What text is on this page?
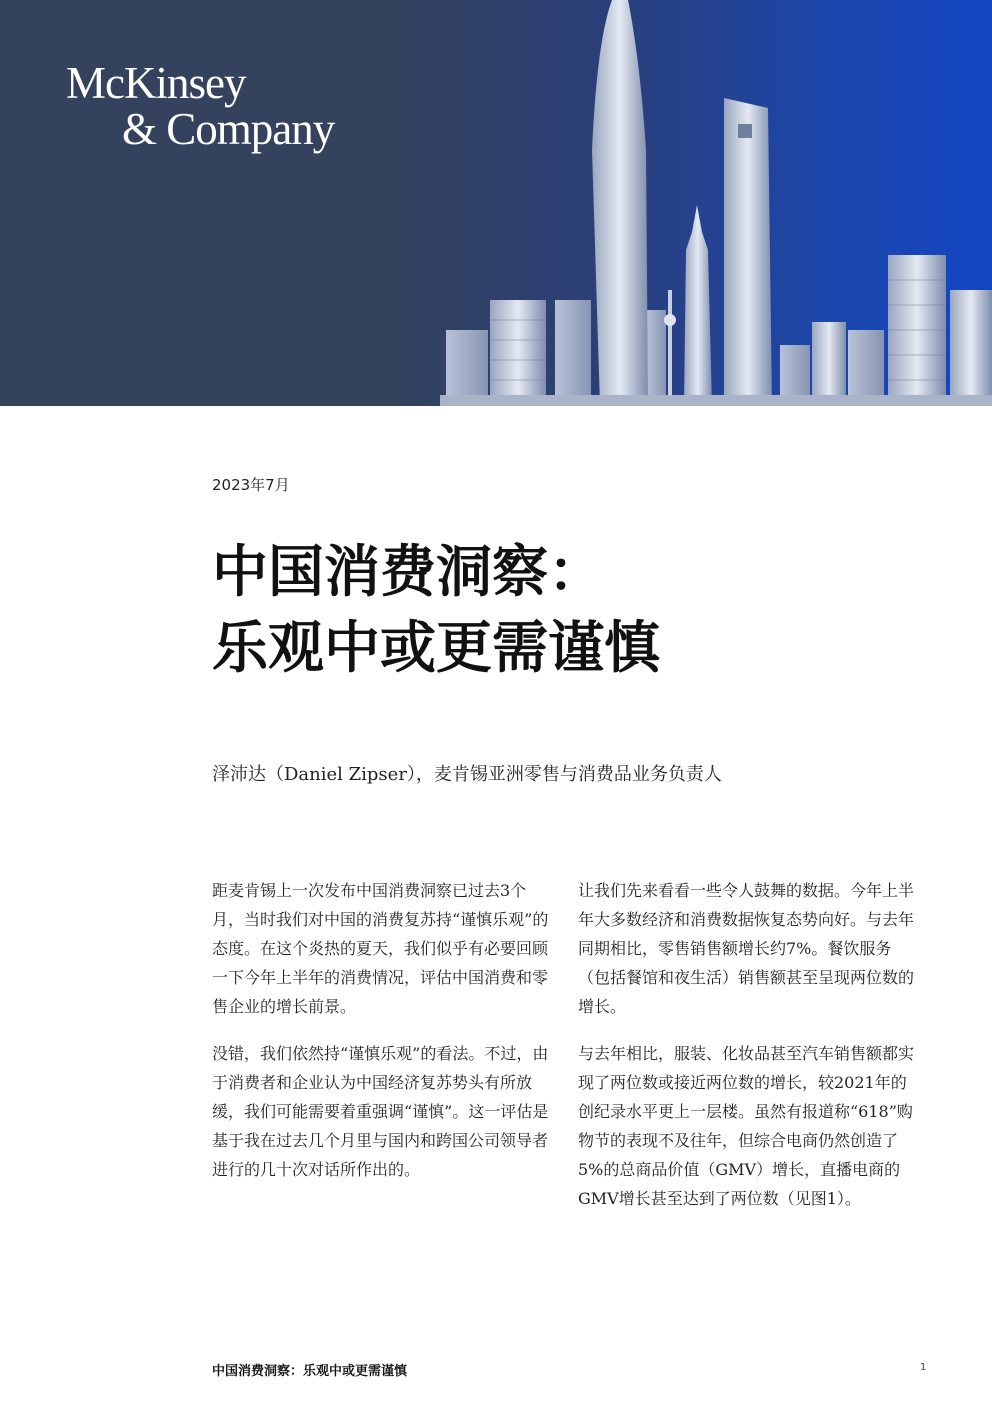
McKinsey
& Company
2023年7月
中国消费洞察：
乐观中或更需谨慎
泽沛达（Daniel Zipser），麦肯锡亚洲零售与消费品业务负责人

距麦肯锡上一次发布中国消费洞察已过去3个月，当时我们对中国的消费复苏持“谨慎乐观”的态度。在这个炎热的夏天，我们似乎有必要回顾一下今年上半年的消费情况，评估中国消费和零售企业的增长前景。

没错，我们依然持“谨慎乐观”的看法。不过，由于消费者和企业认为中国经济复苏势头有所放缓，我们可能需要着重强调“谨慎”。这一评估是基于我在过去几个月里与国内和跨国公司领导者进行的几十次对话所作出的。

让我们先来看看一些令人鼓舞的数据。今年上半年大多数经济和消费数据恢复态势向好。与去年同期相比，零售销售额增长约7%。餐饮服务（包括餐馆和夜生活）销售额甚至呈现两位数的增长。

与去年相比，服装、化妆品甚至汽车销售额都实现了两位数或接近两位数的增长，较2021年的创纪录水平更上一层楼。虽然有报道称“618”购物节的表现不及往年，但综合电商仍然创造了5%的总商品价值（GMV）增长，直播电商的GMV增长甚至达到了两位数（见图1）。

中国消费洞察：乐观中或更需谨慎	1
